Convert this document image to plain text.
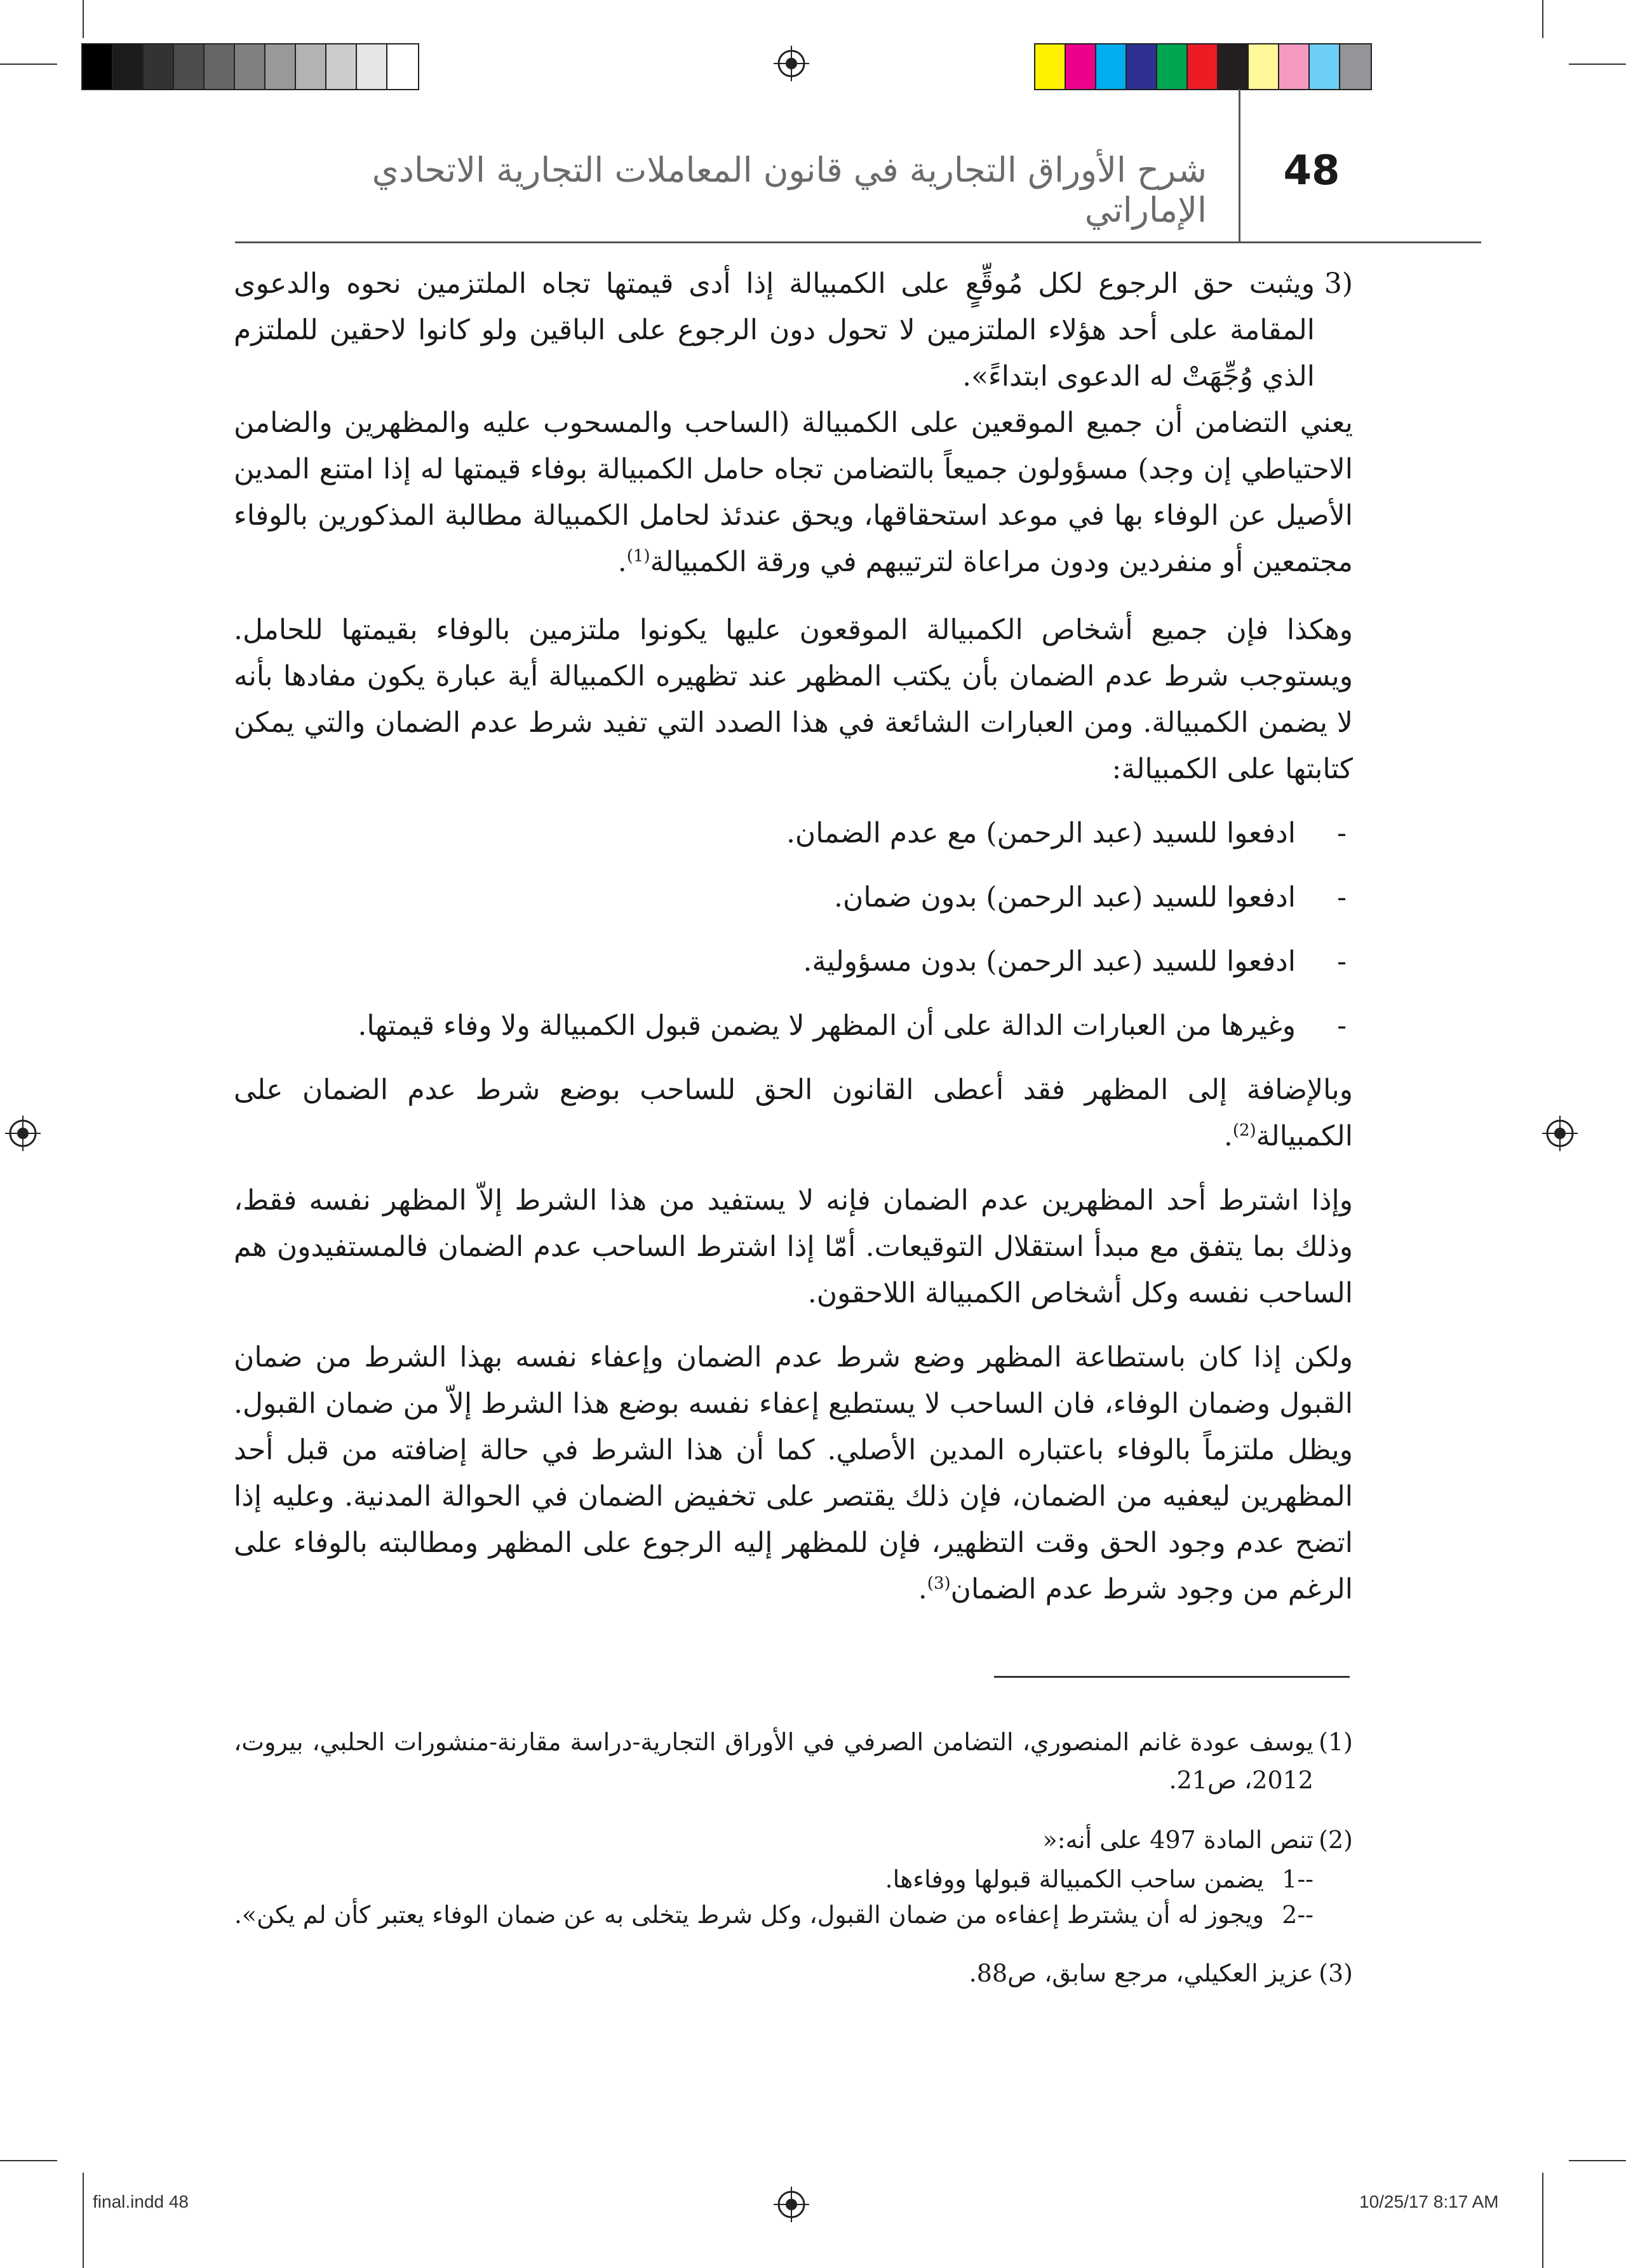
48
شرح الأوراق التجارية في قانون المعاملات التجارية الاتحادي الإماراتي
(3
ويثبت حق الرجوع لكل مُوقِّعٍ على الكمبيالة إذا أدى قيمتها تجاه الملتزمين نحوه والدعوى المقامة على أحد هؤلاء الملتزمين لا تحول دون الرجوع على الباقين ولو كانوا لاحقين للملتزم الذي وُجِّهَتْ له الدعوى ابتداءً».

يعني التضامن أن جميع الموقعين على الكمبيالة (الساحب والمسحوب عليه والمظهرين والضامن الاحتياطي إن وجد) مسؤولون جميعاً بالتضامن تجاه حامل الكمبيالة بوفاء قيمتها له إذا امتنع المدين الأصيل عن الوفاء بها في موعد استحقاقها، ويحق عندئذ لحامل الكمبيالة مطالبة المذكورين بالوفاء مجتمعين أو منفردين ودون مراعاة لترتيبهم في ورقة الكمبيالة$^{(1)}$.

وهكذا فإن جميع أشخاص الكمبيالة الموقعون عليها يكونوا ملتزمين بالوفاء بقيمتها للحامل. ويستوجب شرط عدم الضمان بأن يكتب المظهر عند تظهيره الكمبيالة أية عبارة يكون مفادها بأنه لا يضمن الكمبيالة. ومن العبارات الشائعة في هذا الصدد التي تفيد شرط عدم الضمان والتي يمكن كتابتها على الكمبيالة:

-
ادفعوا للسيد (عبد الرحمن) مع عدم الضمان.
-
ادفعوا للسيد (عبد الرحمن) بدون ضمان.
-
ادفعوا للسيد (عبد الرحمن) بدون مسؤولية.
-
وغيرها من العبارات الدالة على أن المظهر لا يضمن قبول الكمبيالة ولا وفاء قيمتها.

وبالإضافة إلى المظهر فقد أعطى القانون الحق للساحب بوضع شرط عدم الضمان على الكمبيالة$^{(2)}$.

وإذا اشترط أحد المظهرين عدم الضمان فإنه لا يستفيد من هذا الشرط إلاّ المظهر نفسه فقط، وذلك بما يتفق مع مبدأ استقلال التوقيعات. أمّا إذا اشترط الساحب عدم الضمان فالمستفيدون هم الساحب نفسه وكل أشخاص الكمبيالة اللاحقون.

ولكن إذا كان باستطاعة المظهر وضع شرط عدم الضمان وإعفاء نفسه بهذا الشرط من ضمان القبول وضمان الوفاء، فان الساحب لا يستطيع إعفاء نفسه بوضع هذا الشرط إلاّ من ضمان القبول. ويظل ملتزماً بالوفاء باعتباره المدين الأصلي. كما أن هذا الشرط في حالة إضافته من قبل أحد المظهرين ليعفيه من الضمان، فإن ذلك يقتصر على تخفيض الضمان في الحوالة المدنية. وعليه إذا اتضح عدم وجود الحق وقت التظهير، فإن للمظهر إليه الرجوع على المظهر ومطالبته بالوفاء على الرغم من وجود شرط عدم الضمان$^{(3)}$.

(1)
يوسف عودة غانم المنصوري، التضامن الصرفي في الأوراق التجارية-دراسة مقارنة-منشورات الحلبي، بيروت، 2012، ص21.
(2)
تنص المادة 497 على أنه:«
--1
يضمن ساحب الكمبيالة قبولها ووفاءها.
--2
ويجوز له أن يشترط إعفاءه من ضمان القبول، وكل شرط يتخلى به عن ضمان الوفاء يعتبر كأن لم يكن».
(3)
عزيز العكيلي، مرجع سابق، ص88.
final.indd 48	10/25/17 8:17 AM
